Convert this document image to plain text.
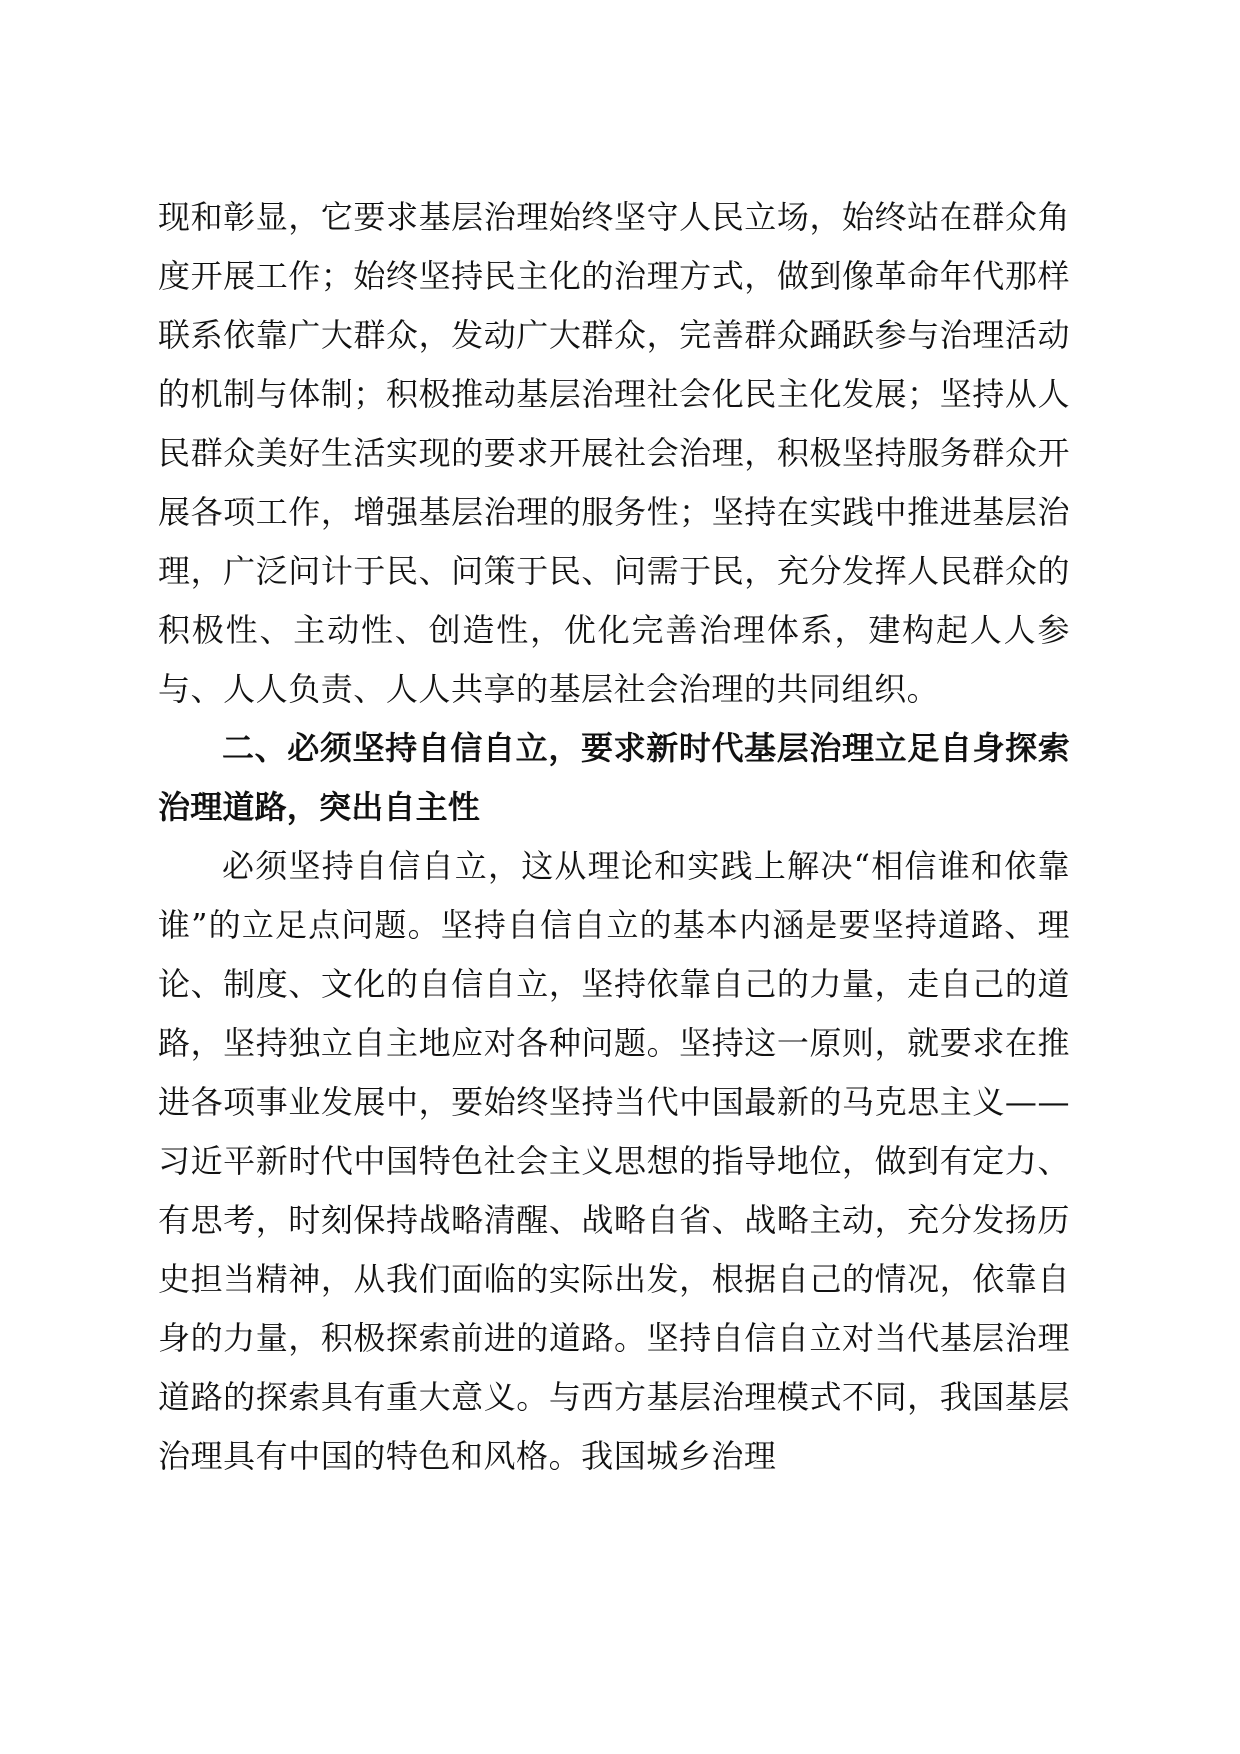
现和彰显，它要求基层治理始终坚守人民立场，始终站在群众角度开展工作；始终坚持民主化的治理方式，做到像革命年代那样联系依靠广大群众，发动广大群众，完善群众踊跃参与治理活动的机制与体制；积极推动基层治理社会化民主化发展；坚持从人民群众美好生活实现的要求开展社会治理，积极坚持服务群众开展各项工作，增强基层治理的服务性；坚持在实践中推进基层治理，广泛问计于民、问策于民、问需于民，充分发挥人民群众的积极性、主动性、创造性，优化完善治理体系，建构起人人参与、人人负责、人人共享的基层社会治理的共同组织。

二、必须坚持自信自立，要求新时代基层治理立足自身探索治理道路，突出自主性

必须坚持自信自立，这从理论和实践上解决“相信谁和依靠谁”的立足点问题。坚持自信自立的基本内涵是要坚持道路、理论、制度、文化的自信自立，坚持依靠自己的力量，走自己的道路，坚持独立自主地应对各种问题。坚持这一原则，就要求在推进各项事业发展中，要始终坚持当代中国最新的马克思主义——习近平新时代中国特色社会主义思想的指导地位，做到有定力、有思考，时刻保持战略清醒、战略自省、战略主动，充分发扬历史担当精神，从我们面临的实际出发，根据自己的情况，依靠自身的力量，积极探索前进的道路。坚持自信自立对当代基层治理道路的探索具有重大意义。与西方基层治理模式不同，我国基层治理具有中国的特色和风格。我国城乡治理
